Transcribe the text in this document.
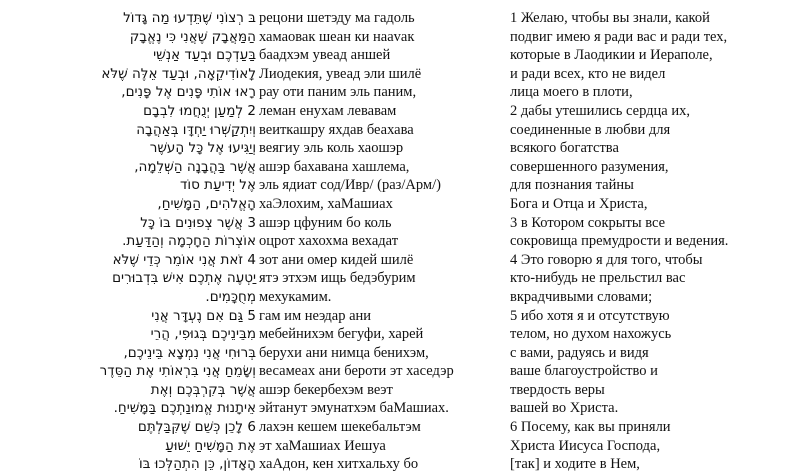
בּ רְצוֹנִי שֶׁתֵּדְעוּ מַה גָּדוֹל
הַמַּאֲבָק שֶׁאֲנִי כִּי נֶאֱבָק
בַּעַדְכֶם וּבְעַד אַנְשֵׁי
לָאוֹדִיקֵאָה, וּבְעַד אֵלֶּה שֶׁלֹּא
רָאוּ אוֹתִי פָּנִים אֶל פָּנִים,
2 לְמַעַן יְנֻחֲמוּ לִבְבָם
וְיִתְקַשְּׁרוּ יַחְדָּו בְּאַהֲבָה
וְיַגִּיעוּ אֶל כָּל הָעשֶׁר
אֲשֶׁר בַּהֲבָנָה הַשְּׁלֵמָה,
אֶל יְדִיעַת סוֹד
הָאֱלֹהִים, הַמָּשִׁיחַ,
3 אֲשֶׁר צְפוּנִים בּוֹ כָּל
אוֹצְרוֹת הַחָכְמָה וְהַדַּעַת.
4 זֹאת אֲנִי אוֹמֵר כְּדֵי שֶׁלֹּא
יַטְעֶה אֶתְכֶם אִישׁ בִּדְבוּרִים
מְחֻכָּמִים.
5 גַּם אִם נֶעְדָּר אֲנִי
מִבֵּינֵיכֶם בְּגוּפִי, הֲרֵי
בְּרוּחִי אֲנִי נִמְצָא בֵּינֵיכֶם,
וְשָׂמֵחַ אֲנִי בִּרְאוֹתִי אֶת הַסֵּדֶר
אֲשֶׁר בְּקִרְבְּכֶם וְאֶת
אֵיתָנוּת אֱמוּנַתְכֶם בַּמָּשִׁיחַ.
6 לָכֵן כְּשֵׁם שֶׁקִּבַּלְתֶּם
אֶת הַמָּשִׁיחַ יֵשׁוּעַ
הָאָדוֹן, כֵּן הִתְהַלְּכוּ בּוֹ
рецони шетэду ма гадоль
хамаовак шеан ки нааvак
баадхэм увеад аншей
Лиодекия, увеад эли шилё
рау оти паним эль паним,
леман енухам левавам
веиткашру яхдав беахава
веягиу эль коль хаошэр
ашэр бахавана хашлема,
эль ядиат сод/Ивр/ (раз/Арм/)
хаЭлохим, хаМашиах
ашэр цфуним бо коль
оцрот хахохма вехадат
зот ани омер кидей шилё
ятэ этхэм ищь бедэбурим
мехукамим.
гам им неэдар ани
мебейнихэм бегуфи, харей
берухи ани нимца бенихэм,
весамеах ани бероти эт хаседэр
ашэр бекербехэм веэт
эйтанут эмунатхэм баМашиах.
лахэн кешем шекебальтэм
эт хаМашиах Иешуа
хаАдон, кен хитхальху бо
1 Желаю, чтобы вы знали, какой
подвиг имею я ради вас и ради тех,
которые в Лаодикии и Иераполе,
и ради всех, кто не видел
лица моего в плоти,
2 дабы утешились сердца их,
соединенные в любви для
всякого богатства
совершенного разумения,
для познания тайны
Бога и Отца и Христа,
3 в Котором сокрыты все
сокровища премудрости и ведения.
4 Это говорю я для того, чтобы
кто-нибудь не прельстил вас
вкрадчивыми словами;
5 ибо хотя я и отсутствую
телом, но духом нахожусь
с вами, радуясь и видя
ваше благоустройство и
твердость веры
вашей во Христа.
6 Посему, как вы приняли
Христа Иисуса Господа,
[так] и ходите в Нем,
